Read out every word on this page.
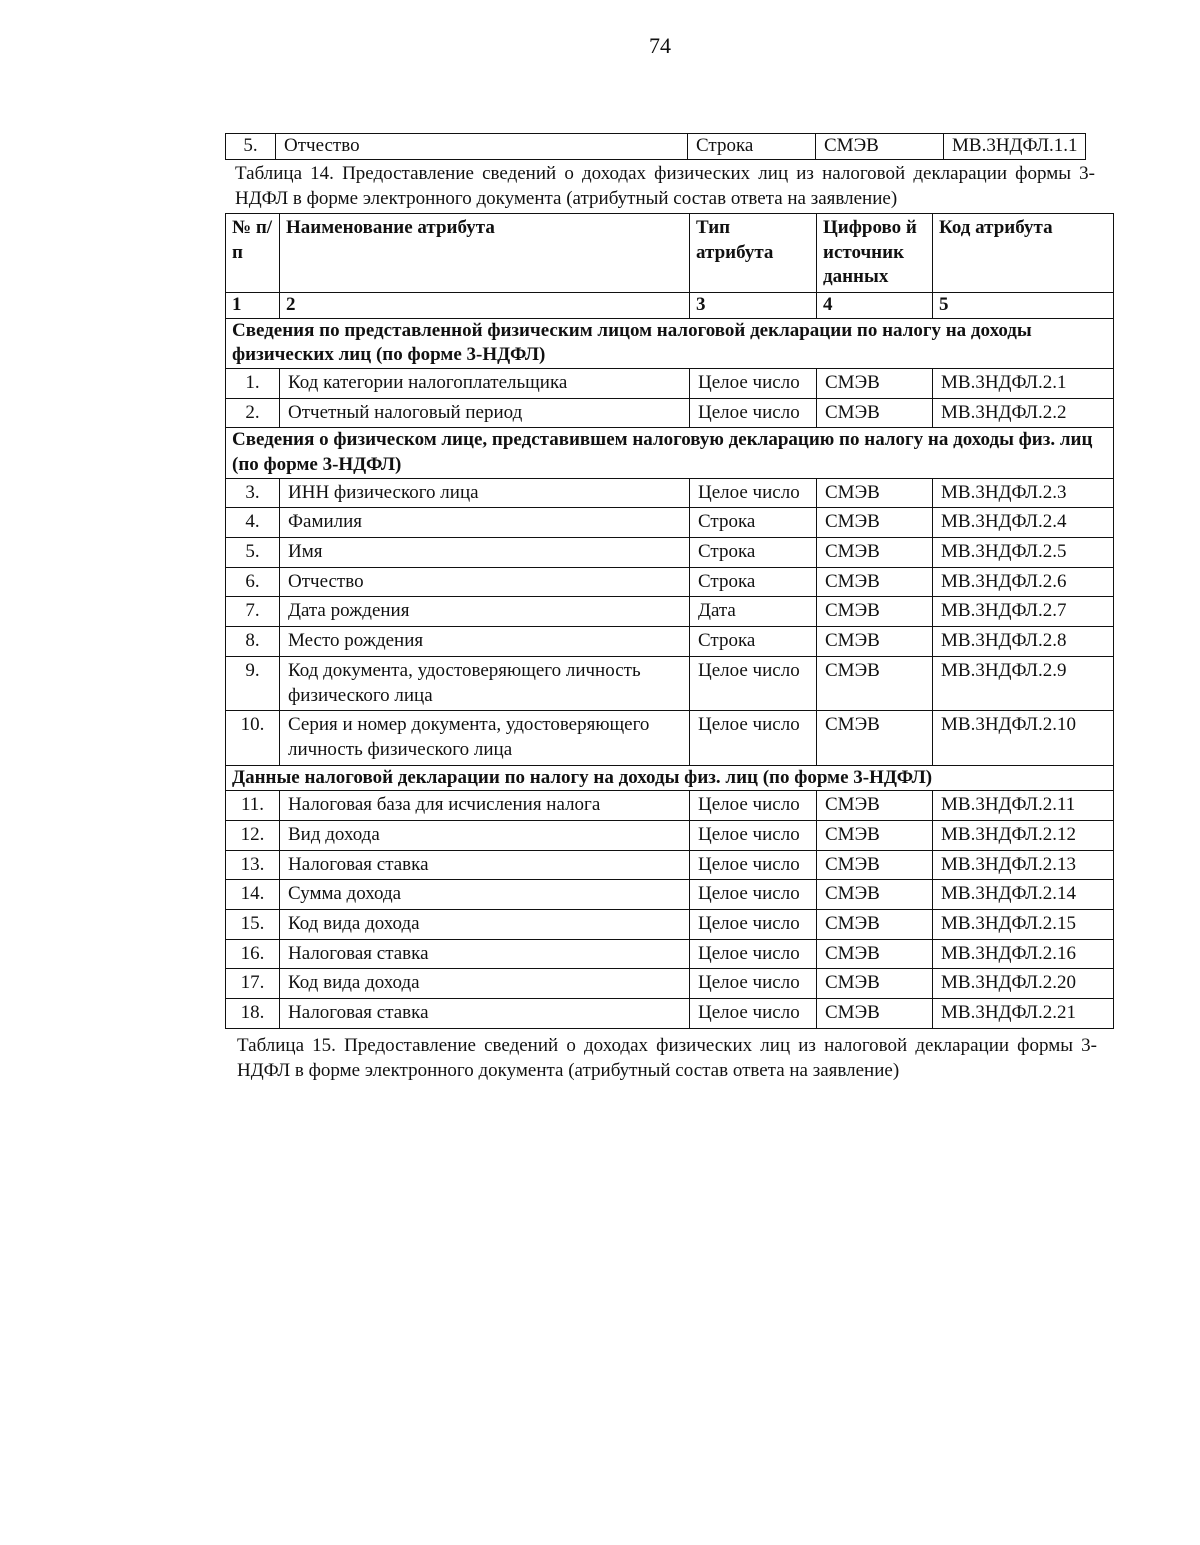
74
5.	Отчество	Строка	СМЭВ	МВ.3НДФЛ.1.1
Таблица 14. Предоставление сведений о доходах физических лиц из налоговой декларации формы 3-НДФЛ в форме электронного документа (атрибутный состав ответа на заявление)
№ п/п	Наименование атрибута	Тип атрибута	Цифрово й источник данных	Код атрибута
1	2	3	4	5
Сведения по представленной физическим лицом налоговой декларации по налогу на доходы физических лиц (по форме 3-НДФЛ)				
1.	Код категории налогоплательщика	Целое число	СМЭВ	МВ.3НДФЛ.2.1
2.	Отчетный налоговый период	Целое число	СМЭВ	МВ.3НДФЛ.2.2
Сведения о физическом лице, представившем налоговую декларацию по налогу на доходы физ. лиц (по форме 3-НДФЛ)				
3.	ИНН физического лица	Целое число	СМЭВ	МВ.3НДФЛ.2.3
4.	Фамилия	Строка	СМЭВ	МВ.3НДФЛ.2.4
5.	Имя	Строка	СМЭВ	МВ.3НДФЛ.2.5
6.	Отчество	Строка	СМЭВ	МВ.3НДФЛ.2.6
7.	Дата рождения	Дата	СМЭВ	МВ.3НДФЛ.2.7
8.	Место рождения	Строка	СМЭВ	МВ.3НДФЛ.2.8
9.	Код документа, удостоверяющего личность физического лица	Целое число	СМЭВ	МВ.3НДФЛ.2.9
10.	Серия и номер документа, удостоверяющего личность физического лица	Целое число	СМЭВ	МВ.3НДФЛ.2.10
Данные налоговой декларации по налогу на доходы физ. лиц (по форме 3-НДФЛ)				
11.	Налоговая база для исчисления налога	Целое число	СМЭВ	МВ.3НДФЛ.2.11
12.	Вид дохода	Целое число	СМЭВ	МВ.3НДФЛ.2.12
13.	Налоговая ставка	Целое число	СМЭВ	МВ.3НДФЛ.2.13
14.	Сумма дохода	Целое число	СМЭВ	МВ.3НДФЛ.2.14
15.	Код вида дохода	Целое число	СМЭВ	МВ.3НДФЛ.2.15
16.	Налоговая ставка	Целое число	СМЭВ	МВ.3НДФЛ.2.16
17.	Код вида дохода	Целое число	СМЭВ	МВ.3НДФЛ.2.20
18.	Налоговая ставка	Целое число	СМЭВ	МВ.3НДФЛ.2.21
Таблица 15. Предоставление сведений о доходах физических лиц из налоговой декларации формы 3-НДФЛ в форме электронного документа (атрибутный состав ответа на заявление)
